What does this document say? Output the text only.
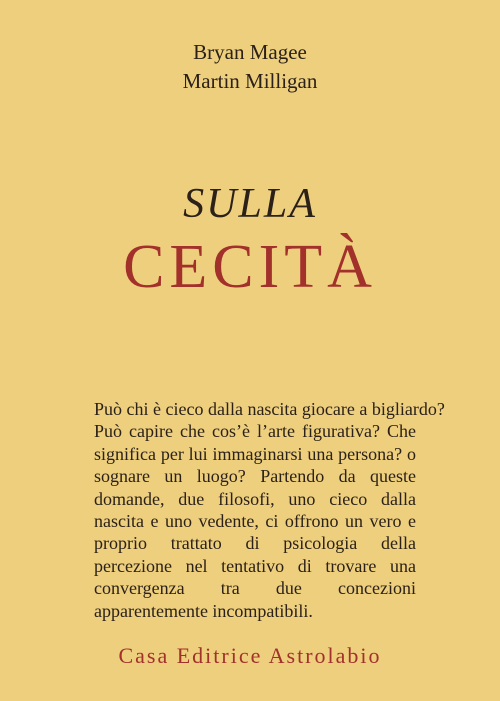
Bryan Magee
Martin Milligan
SULLA
CECITÀ
Può chi è cieco dalla nascita giocare a bigliardo?
Può capire che cos’è l’arte figurativa? Che significa per lui immaginarsi una persona? o sognare un luogo? Partendo da queste domande, due filosofi, uno cieco dalla nascita e uno vedente, ci offrono un vero e proprio trattato di psicologia della percezione nel tentativo di trovare una convergenza tra due concezioni apparentemente incompatibili.
Casa Editrice Astrolabio
